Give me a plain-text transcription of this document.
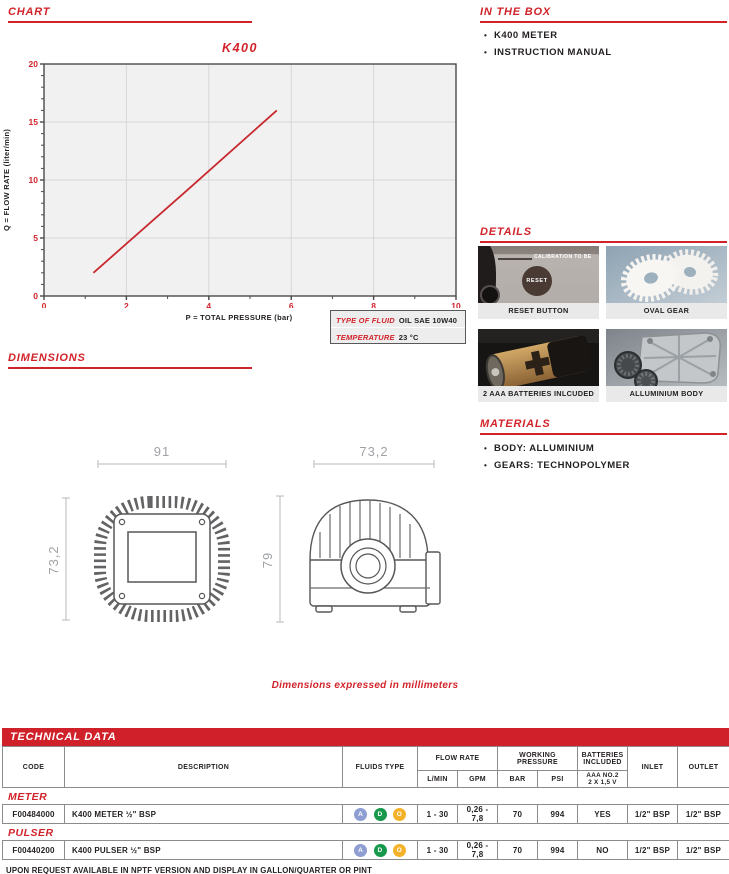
CHART
K400
Q = FLOW RATE (liter/min)
0	2	4	6	8	10
0
5
10
15
20
P = TOTAL PRESSURE (bar)	TYPE OF FLUID OIL SAE 10W40
TEMPERATURE 23 °C
IN THE BOX
• K400 METER
• INSTRUCTION MANUAL
DETAILS
CALIBRATION TO BE
RESET
RESET BUTTON	OVAL GEAR
2 AAA BATTERIES INLCUDED	ALLUMINIUM BODY
MATERIALS
• BODY: ALLUMINIUM
• GEARS: TECHNOPOLYMER
DIMENSIONS
91
73,2
73,2
79
Dimensions expressed in millimeters
TECHNICAL DATA
CODE	DESCRIPTION	FLUIDS TYPE	FLOW RATE		WORKING PRESSURE		BATTERIES INCLUDED	INLET	OUTLET
			L/MIN	GPM	BAR	PSI	AAA NO.2
2 X 1,5 V		
METER
F00484000	K400 METER ½" BSP	A D O	1 - 30	0,26 - 7,8	70	994	YES	1/2" BSP	1/2" BSP
PULSER
F00440200	K400 PULSER ½" BSP	A D O	1 - 30	0,26 - 7,8	70	994	NO	1/2" BSP	1/2" BSP
UPON REQUEST AVAILABLE IN NPTF VERSION AND DISPLAY IN GALLON/QUARTER OR PINT
